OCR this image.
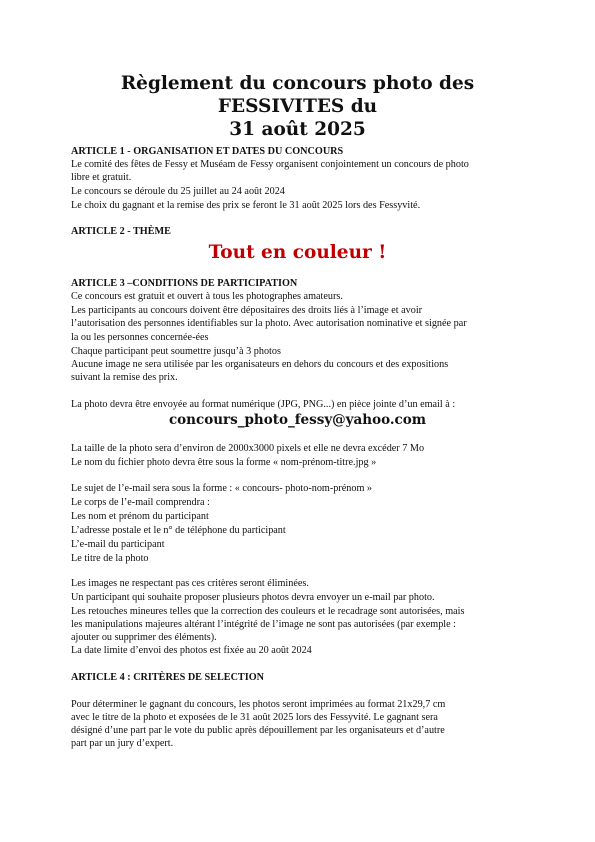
Règlement du concours photo des FESSIVITES du
31 août 2025

ARTICLE 1 - ORGANISATION ET DATES DU CONCOURS

Le comité des fêtes de Fessy et Muséam de Fessy organisent conjointement un concours de photo

libre et gratuit.

Le concours se déroule du 25 juillet au 24 août 2024

Le choix du gagnant et la remise des prix se feront le 31 août 2025 lors des Fessyvité.

ARTICLE 2 - THÈME

Tout en couleur !

ARTICLE 3 –CONDITIONS DE PARTICIPATION

Ce concours est gratuit et ouvert à tous les photographes amateurs.

Les participants au concours doivent être dépositaires des droits liés à l’image et avoir

l’autorisation des personnes identifiables sur la photo. Avec autorisation nominative et signée par

la ou les personnes concernée-ées

Chaque participant peut soumettre jusqu’à 3 photos

Aucune image ne sera utilisée par les organisateurs en dehors du concours et des expositions

suivant la remise des prix.

La photo devra être envoyée au format numérique (JPG, PNG...) en pièce jointe d’un email à :

concours_photo_fessy@yahoo.com

La taille de la photo sera d’environ de 2000x3000 pixels et elle ne devra excéder 7 Mo

Le nom du fichier photo devra être sous la forme « nom-prénom-titre.jpg »

Le sujet de l’e-mail sera sous la forme : « concours- photo-nom-prénom »

Le corps de l’e-mail comprendra :

Les nom et prénom du participant

L’adresse postale et le n° de téléphone du participant

L’e-mail du participant

Le titre de la photo

Les images ne respectant pas ces critères seront éliminées.

Un participant qui souhaite proposer plusieurs photos devra envoyer un e-mail par photo.

Les retouches mineures telles que la correction des couleurs et le recadrage sont autorisées, mais

les manipulations majeures altérant l’intégrité de l’image ne sont pas autorisées (par exemple :

ajouter ou supprimer des éléments).

La date limite d’envoi des photos est fixée au 20 août 2024

ARTICLE 4 : CRITÈRES DE SELECTION

Pour déterminer le gagnant du concours, les photos seront imprimées au format 21x29,7 cm

avec le titre de la photo et exposées de le 31 août 2025 lors des Fessyvité. Le gagnant sera

désigné d’une part par le vote du public après dépouillement par les organisateurs et d’autre

part par un jury d’expert.
